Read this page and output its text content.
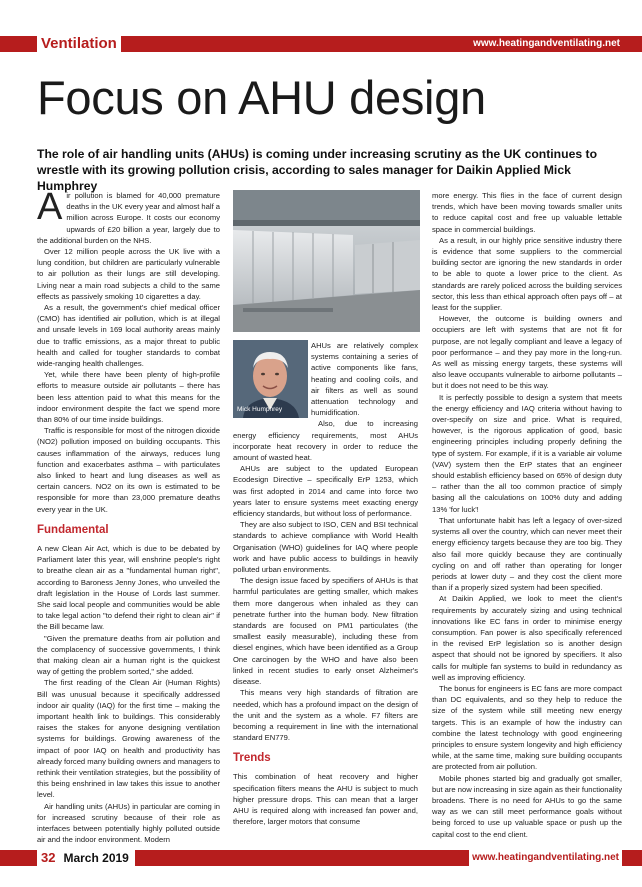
Ventilation	www.heatingandventilating.net
Focus on AHU design

The role of air handling units (AHUs) is coming under increasing scrutiny as the UK continues to wrestle with its growing pollution crisis, according to sales manager for Daikin Applied Mick Humphrey

Air pollution is blamed for 40,000 premature deaths in the UK every year and almost half a million across Europe. It costs our economy upwards of £20 billion a year, largely due to the additional burden on the NHS.

Over 12 million people across the UK live with a lung condition, but children are particularly vulnerable to air pollution as their lungs are still developing. Living near a main road subjects a child to the same effects as passively smoking 10 cigarettes a day.

As a result, the government's chief medical officer (CMO) has identified air pollution, which is at illegal and unsafe levels in 169 local authority areas mainly due to traffic emissions, as a major threat to public health and called for tougher standards to combat wide-ranging health challenges.

Yet, while there have been plenty of high-profile efforts to measure outside air pollutants – there has been less attention paid to what this means for the indoor environment despite the fact we spend more than 80% of our time inside buildings.

Traffic is responsible for most of the nitrogen dioxide (NO2) pollution imposed on building occupants. This causes inflammation of the airways, reduces lung function and exacerbates asthma – with particulates also linked to heart and lung diseases as well as certain cancers. NO2 on its own is estimated to be responsible for more than 23,000 premature deaths every year in the UK.

Fundamental

A new Clean Air Act, which is due to be debated by Parliament later this year, will enshrine people's right to breathe clean air as a "fundamental human right", according to Baroness Jenny Jones, who unveiled the draft legislation in the House of Lords last summer. She said local people and communities would be able to take legal action "to defend their right to clean air" if the Bill became law.

"Given the premature deaths from air pollution and the complacency of successive governments, I think that making clean air a human right is the quickest way of getting the problem sorted," she added.

The first reading of the Clean Air (Human Rights) Bill was unusual because it specifically addressed indoor air quality (IAQ) for the first time – making the important health link to buildings. This considerably raises the stakes for anyone designing ventilation systems for buildings. Growing awareness of the impact of poor IAQ on health and productivity has already forced many building owners and managers to rethink their ventilation strategies, but the possibility of this being enshrined in law takes this issue to another level.

Air handling units (AHUs) in particular are coming in for increased scrutiny because of their role as interfaces between potentially highly polluted outside air and the indoor environment. Modern

Mick Humphrey

AHUs are relatively complex systems containing a series of active components like fans, heating and cooling coils, and air filters as well as sound attenuation technology and humidification.

Also, due to increasing energy efficiency requirements, most AHUs incorporate heat recovery in order to reduce the amount of wasted heat.

AHUs are subject to the updated European Ecodesign Directive – specifically ErP 1253, which was first adopted in 2014 and came into force two years later to ensure systems meet exacting energy efficiency standards, but without loss of performance.

They are also subject to ISO, CEN and BSI technical standards to achieve compliance with World Health Organisation (WHO) guidelines for IAQ where people work and have public access to buildings in heavily polluted urban environments.

The design issue faced by specifiers of AHUs is that harmful particulates are getting smaller, which makes them more dangerous when inhaled as they can penetrate further into the human body. New filtration standards are focused on PM1 particulates (the smallest easily measurable), including these from diesel engines, which have been identified as a Group One carcinogen by the WHO and have also been linked in recent studies to early onset Alzheimer's disease.

This means very high standards of filtration are needed, which has a profound impact on the design of the unit and the system as a whole. F7 filters are becoming a requirement in line with the international standard EN779.

Trends

This combination of heat recovery and higher specification filters means the AHU is subject to much higher pressure drops. This can mean that a larger AHU is required along with increased fan power and, therefore, larger motors that consume

more energy. This flies in the face of current design trends, which have been moving towards smaller units to reduce capital cost and free up valuable lettable space in commercial buildings.

As a result, in our highly price sensitive industry there is evidence that some suppliers to the commercial building sector are ignoring the new standards in order to be able to quote a lower price to the client. As standards are rarely policed across the building services sector, this less than ethical approach often pays off – at least for the supplier.

However, the outcome is building owners and occupiers are left with systems that are not fit for purpose, are not legally compliant and leave a legacy of poor performance – and they pay more in the long-run. As well as missing energy targets, these systems will also leave occupants vulnerable to airborne pollutants – but it does not need to be this way.

It is perfectly possible to design a system that meets the energy efficiency and IAQ criteria without having to over-specify on size and price. What is required, however, is the rigorous application of good, basic engineering principles including properly defining the type of system. For example, if it is a variable air volume (VAV) system then the ErP states that an engineer should establish efficiency based on 65% of design duty – rather than the all too common practice of simply basing all the calculations on 100% duty and adding 13% 'for luck'!

That unfortunate habit has left a legacy of over-sized systems all over the country, which can never meet their energy efficiency targets because they are too big. They also fail more quickly because they are continually cycling on and off rather than operating for longer periods at lower duty – and they cost the client more than if a properly sized system had been specified.

At Daikin Applied, we look to meet the client's requirements by accurately sizing and using technical innovations like EC fans in order to minimise energy consumption. Fan power is also specifically referenced in the revised ErP legislation so is another design aspect that should not be ignored by specifiers. It also calls for multiple fan systems to build in redundancy as well as improving efficiency.

The bonus for engineers is EC fans are more compact than DC equivalents, and so they help to reduce the size of the system while still meeting new energy targets. This is an example of how the industry can combine the latest technology with good engineering principles to ensure system longevity and high efficiency while, at the same time, making sure building occupants are protected from air pollution.

Mobile phones started big and gradually got smaller, but are now increasing in size again as their functionality broadens. There is no need for AHUs to go the same way as we can still meet performance goals without being forced to use up valuable space or push up the capital cost to the end client.

32 March 2019	www.heatingandventilating.net
